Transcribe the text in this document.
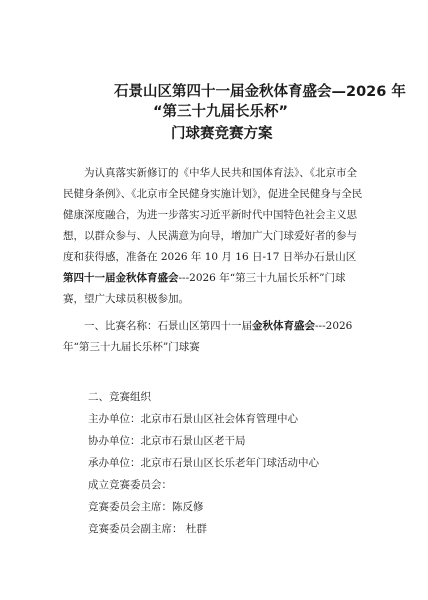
石景山区第四十一届金秋体育盛会—2026 年
“第三十九届长乐杯”
门球赛竞赛方案
为认真落实新修订的《中华人民共和国体育法》、《北京市全民健身条例》、《北京市全民健身实施计划》，促进全民健身与全民健康深度融合，为进一步落实习近平新时代中国特色社会主义思想，以群众参与、人民满意为向导，增加广大门球爱好者的参与度和获得感，准备在 2026 年 10 月 16 日-17 日举办石景山区第四十一届金秋体育盛会---2026 年“第三十九届长乐杯”门球赛，望广大球员积极参加。
一、比赛名称：石景山区第四十一届金秋体育盛会---2026 年“第三十九届长乐杯”门球赛
二、竞赛组织
主办单位：北京市石景山区社会体育管理中心
协办单位：北京市石景山区老干局
承办单位：北京市石景山区长乐老年门球活动中心
成立竞赛委员会：
竞赛委员会主席：陈反修
竞赛委员会副主席： 杜群
